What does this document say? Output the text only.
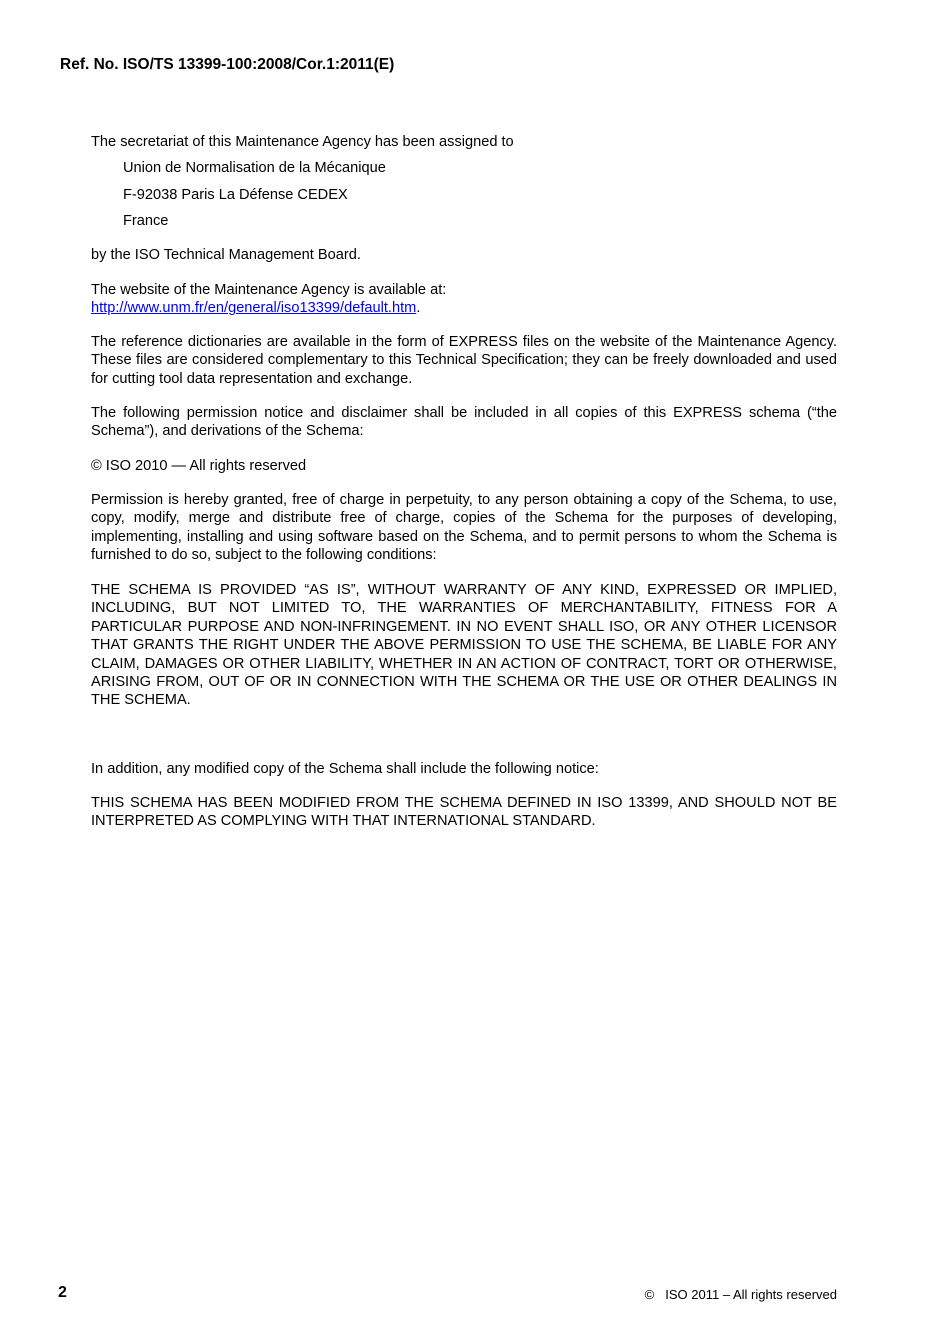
Ref. No. ISO/TS 13399-100:2008/Cor.1:2011(E)

The secretariat of this Maintenance Agency has been assigned to

Union de Normalisation de la Mécanique

F-92038 Paris La Défense CEDEX

France

by the ISO Technical Management Board.

The website of the Maintenance Agency is available at:
http://www.unm.fr/en/general/iso13399/default.htm.

The reference dictionaries are available in the form of EXPRESS files on the website of the Maintenance Agency. These files are considered complementary to this Technical Specification; they can be freely downloaded and used for cutting tool data representation and exchange.

The following permission notice and disclaimer shall be included in all copies of this EXPRESS schema (“the Schema”), and derivations of the Schema:

© ISO 2010 — All rights reserved

Permission is hereby granted, free of charge in perpetuity, to any person obtaining a copy of the Schema, to use, copy, modify, merge and distribute free of charge, copies of the Schema for the purposes of developing, implementing, installing and using software based on the Schema, and to permit persons to whom the Schema is furnished to do so, subject to the following conditions:

THE SCHEMA IS PROVIDED “AS IS”, WITHOUT WARRANTY OF ANY KIND, EXPRESSED OR IMPLIED, INCLUDING, BUT NOT LIMITED TO, THE WARRANTIES OF MERCHANTABILITY, FITNESS FOR A PARTICULAR PURPOSE AND NON-INFRINGEMENT. IN NO EVENT SHALL ISO, OR ANY OTHER LICENSOR THAT GRANTS THE RIGHT UNDER THE ABOVE PERMISSION TO USE THE SCHEMA, BE LIABLE FOR ANY CLAIM, DAMAGES OR OTHER LIABILITY, WHETHER IN AN ACTION OF CONTRACT, TORT OR OTHERWISE, ARISING FROM, OUT OF OR IN CONNECTION WITH THE SCHEMA OR THE USE OR OTHER DEALINGS IN THE SCHEMA.

In addition, any modified copy of the Schema shall include the following notice:

THIS SCHEMA HAS BEEN MODIFIED FROM THE SCHEMA DEFINED IN ISO 13399, AND SHOULD NOT BE INTERPRETED AS COMPLYING WITH THAT INTERNATIONAL STANDARD.

2	© ISO 2011 – All rights reserved
